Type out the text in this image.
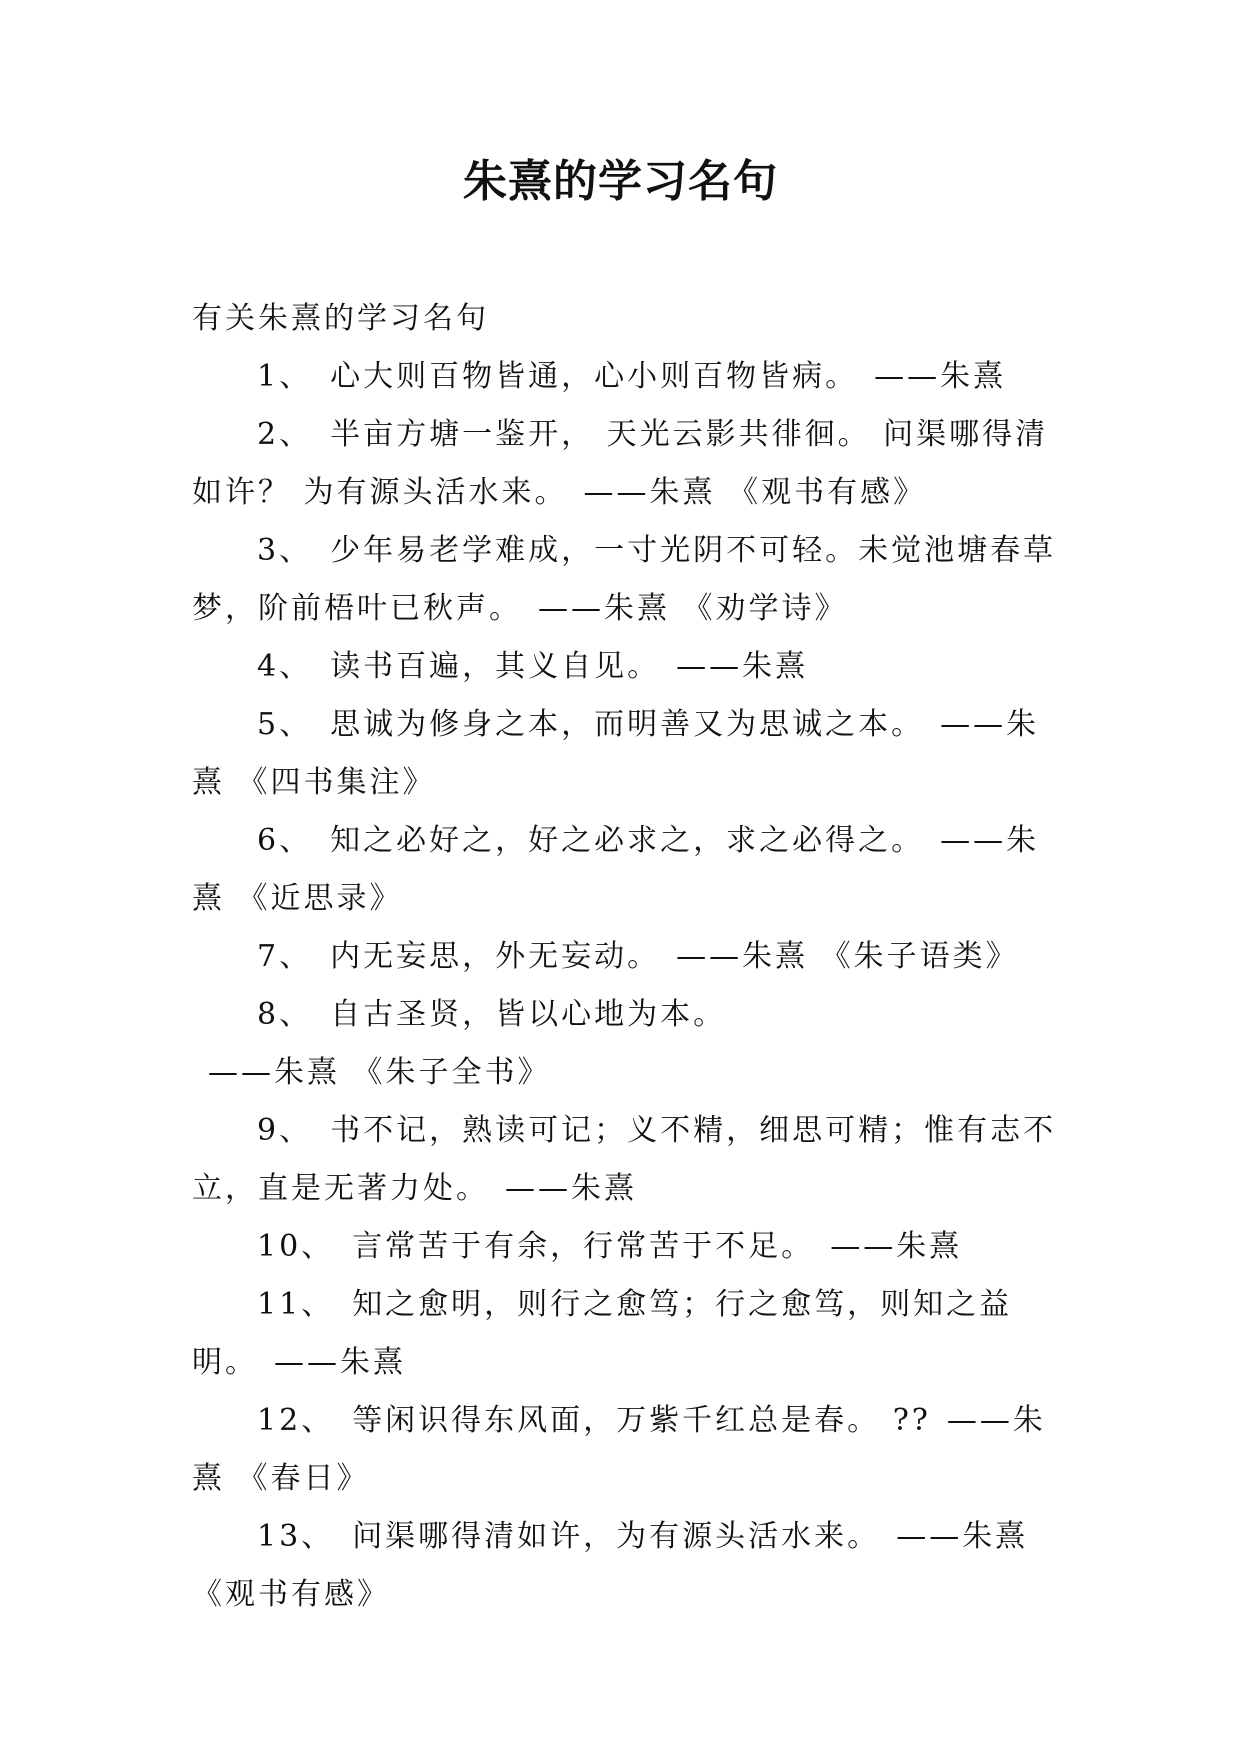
朱熹的学习名句

有关朱熹的学习名句

1、 心大则百物皆通，心小则百物皆病。 ——朱熹

2、 半亩方塘一鉴开， 天光云影共徘徊。 问渠哪得清如许？ 为有源头活水来。 ——朱熹 《观书有感》

3、 少年易老学难成，一寸光阴不可轻。未觉池塘春草梦，阶前梧叶已秋声。 ——朱熹 《劝学诗》

4、 读书百遍，其义自见。 ——朱熹

5、 思诚为修身之本，而明善又为思诚之本。 ——朱熹 《四书集注》

6、 知之必好之，好之必求之，求之必得之。 ——朱熹 《近思录》

7、 内无妄思，外无妄动。 ——朱熹 《朱子语类》

8、 自古圣贤，皆以心地为本。——朱熹 《朱子全书》

9、 书不记，熟读可记；义不精，细思可精；惟有志不立，直是无著力处。 ——朱熹

10、 言常苦于有余，行常苦于不足。 ——朱熹

11、 知之愈明，则行之愈笃；行之愈笃，则知之益明。 ——朱熹

12、 等闲识得东风面，万紫千红总是春。 ?? ——朱熹 《春日》

13、 问渠哪得清如许，为有源头活水来。 ——朱熹 《观书有感》
